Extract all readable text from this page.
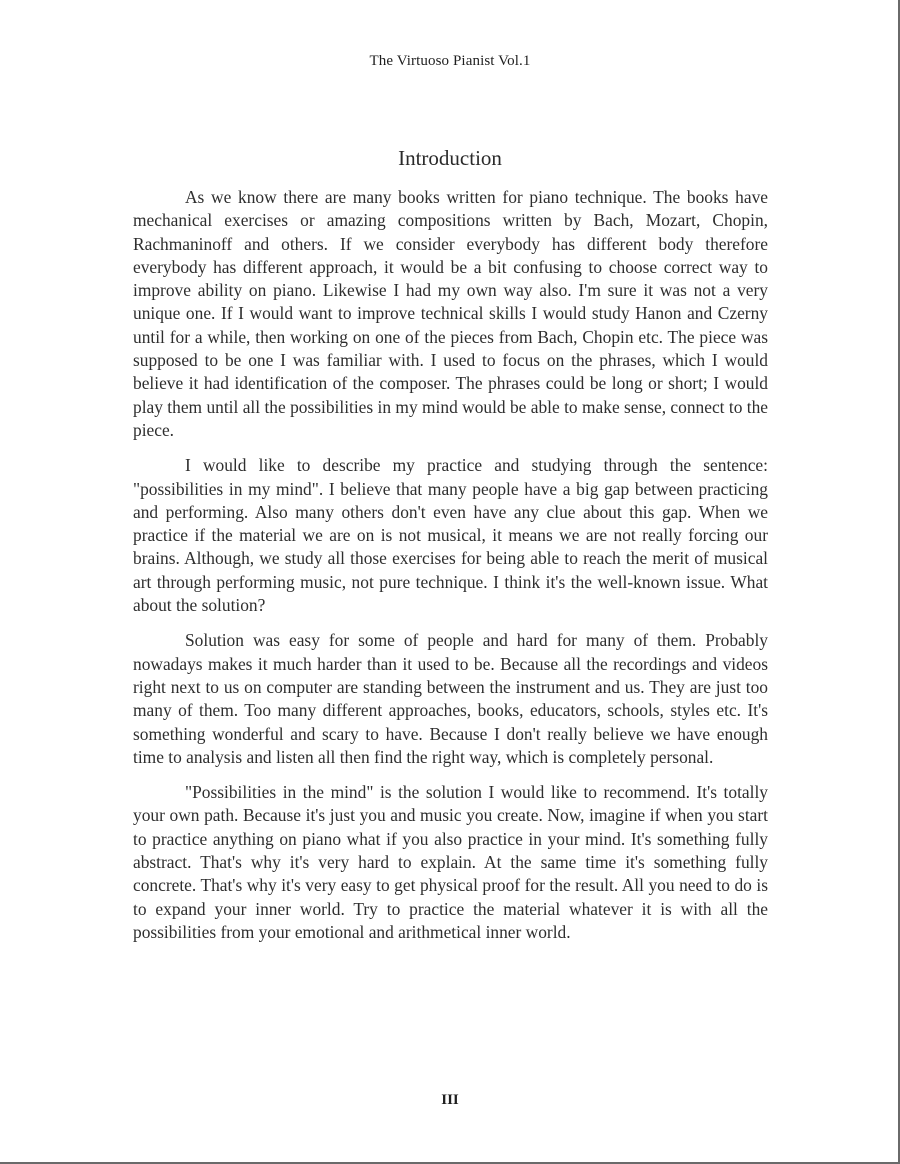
The Virtuoso Pianist Vol.1
Introduction

As we know there are many books written for piano technique. The books have mechanical exercises or amazing compositions written by Bach, Mozart, Chopin, Rachmaninoff and others. If we consider everybody has different body therefore everybody has different approach, it would be a bit confusing to choose correct way to improve ability on piano. Likewise I had my own way also. I'm sure it was not a very unique one. If I would want to improve technical skills I would study Hanon and Czerny until for a while, then working on one of the pieces from Bach, Chopin etc. The piece was supposed to be one I was familiar with. I used to focus on the phrases, which I would believe it had identification of the composer. The phrases could be long or short; I would play them until all the possibilities in my mind would be able to make sense, connect to the piece.

I would like to describe my practice and studying through the sentence: "possibilities in my mind". I believe that many people have a big gap between practicing and performing. Also many others don't even have any clue about this gap. When we practice if the material we are on is not musical, it means we are not really forcing our brains. Although, we study all those exercises for being able to reach the merit of musical art through performing music, not pure technique. I think it's the well-known issue. What about the solution?

Solution was easy for some of people and hard for many of them. Probably nowadays makes it much harder than it used to be. Because all the recordings and videos right next to us on computer are standing between the instrument and us. They are just too many of them. Too many different approaches, books, educators, schools, styles etc. It's something wonderful and scary to have. Because I don't really believe we have enough time to analysis and listen all then find the right way, which is completely personal.

"Possibilities in the mind" is the solution I would like to recommend. It's totally your own path. Because it's just you and music you create. Now, imagine if when you start to practice anything on piano what if you also practice in your mind. It's something fully abstract. That's why it's very hard to explain. At the same time it's something fully concrete. That's why it's very easy to get physical proof for the result. All you need to do is to expand your inner world. Try to practice the material whatever it is with all the possibilities from your emotional and arithmetical inner world.

III
